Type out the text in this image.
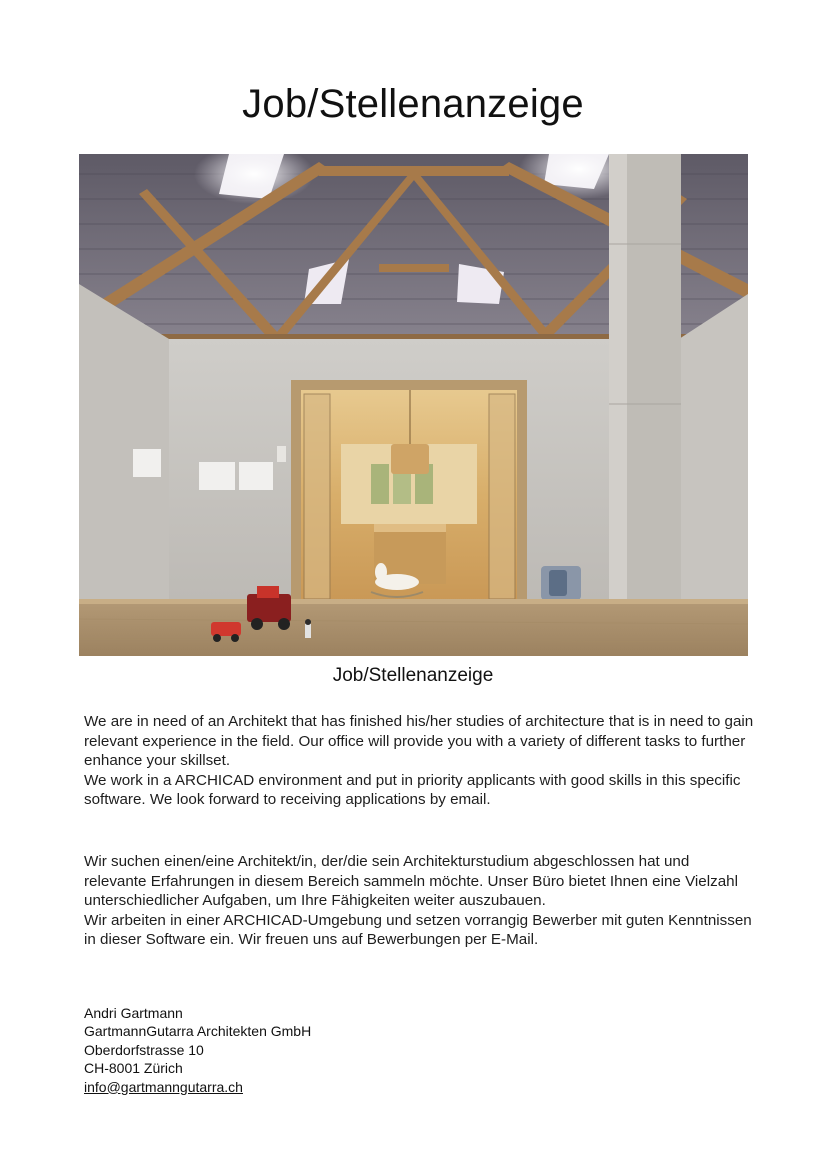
Job/Stellenanzeige
Job/Stellenanzeige

We are in need of an Architekt that has finished his/her studies of architecture that is in need to gain relevant experience in the field. Our office will provide you with a variety of different tasks to further enhance your skillset.

We work in a ARCHICAD environment and put in priority applicants with good skills in this specific software. We look forward to receiving applications by email.

Wir suchen einen/eine Architekt/in, der/die sein Architekturstudium abgeschlossen hat und relevante Erfahrungen in diesem Bereich sammeln möchte. Unser Büro bietet Ihnen eine Vielzahl unterschiedlicher Aufgaben, um Ihre Fähigkeiten weiter auszubauen.

Wir arbeiten in einer ARCHICAD-Umgebung und setzen vorrangig Bewerber mit guten Kenntnissen in dieser Software ein. Wir freuen uns auf Bewerbungen per E-Mail.

Andri Gartmann
GartmannGutarra Architekten GmbH
Oberdorfstrasse 10
CH-8001 Zürich
info@gartmanngutarra.ch
